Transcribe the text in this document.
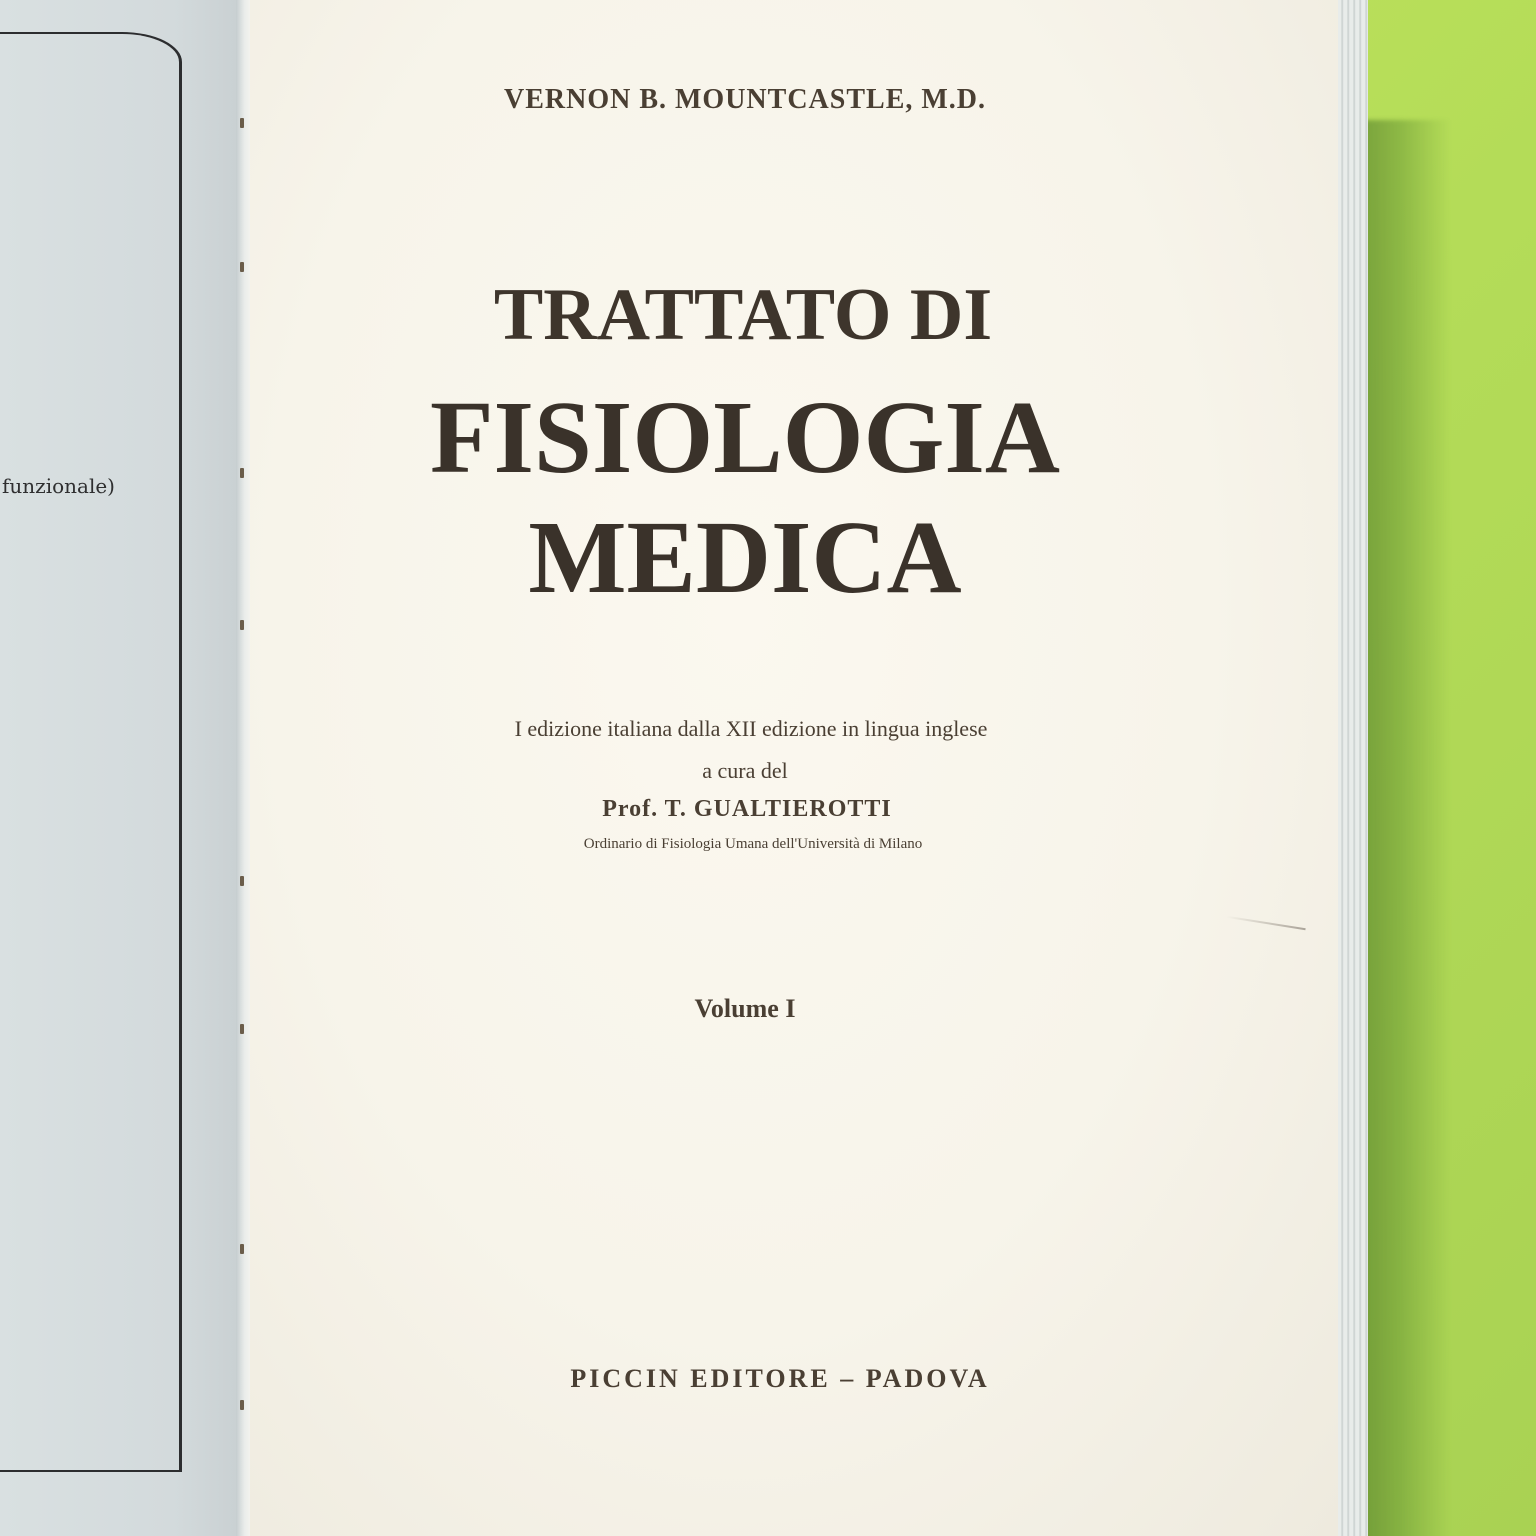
funzionale)
VERNON B. MOUNTCASTLE, M.D.
TRATTATO DI
FISIOLOGIA
MEDICA
I edizione italiana dalla XII edizione in lingua inglese
a cura del
Prof. T. GUALTIEROTTI
Ordinario di Fisiologia Umana dell'Università di Milano
Volume I
PICCIN EDITORE – PADOVA
